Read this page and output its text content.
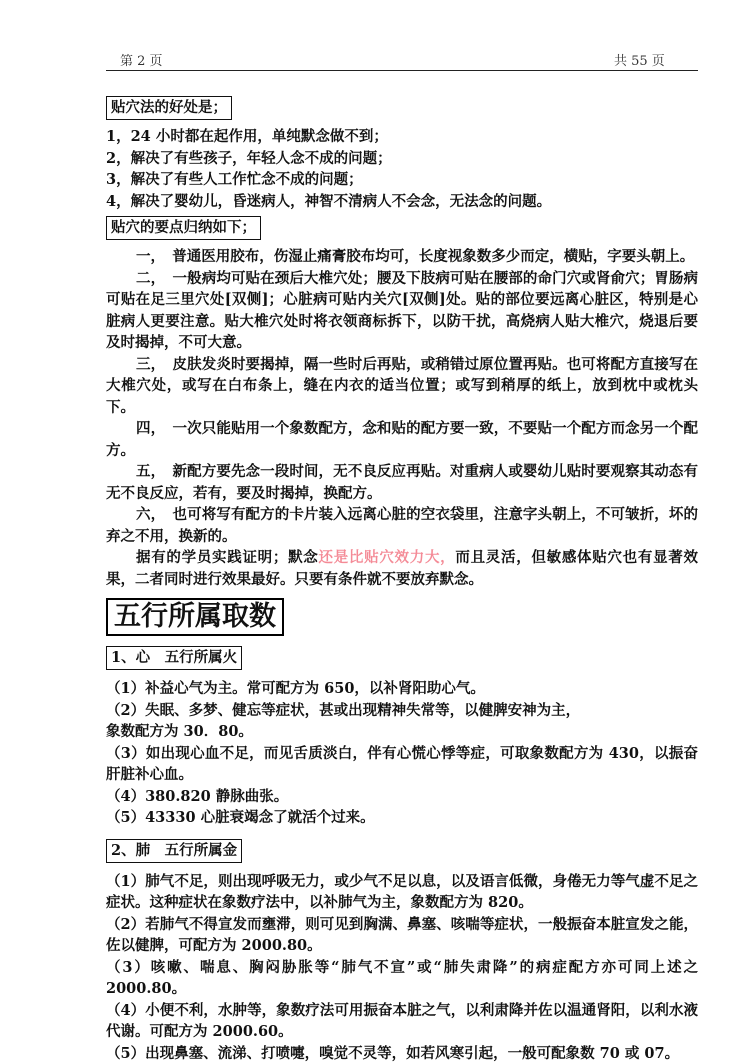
第 2 页	共 55 页
贴穴法的好处是；

1，24 小时都在起作用，单纯默念做不到；

2，解决了有些孩子，年轻人念不成的问题；

3，解决了有些人工作忙念不成的问题；

4，解决了婴幼儿，昏迷病人，神智不清病人不会念，无法念的问题。

贴穴的要点归纳如下；

一，　普通医用胶布，伤湿止痛膏胶布均可，长度视象数多少而定，横贴，字要头朝上。

二，　一般病均可贴在颈后大椎穴处；腰及下肢病可贴在腰部的命门穴或肾俞穴；胃肠病可贴在足三里穴处[双侧]；心脏病可贴内关穴[双侧]处。贴的部位要远离心脏区，特别是心脏病人更要注意。贴大椎穴处时将衣领商标拆下，以防干扰，高烧病人贴大椎穴，烧退后要及时揭掉，不可大意。

三，　皮肤发炎时要揭掉，隔一些时后再贴，或稍错过原位置再贴。也可将配方直接写在大椎穴处，或写在白布条上，缝在内衣的适当位置；或写到稍厚的纸上，放到枕中或枕头下。

四，　一次只能贴用一个象数配方，念和贴的配方要一致，不要贴一个配方而念另一个配方。

五，　新配方要先念一段时间，无不良反应再贴。对重病人或婴幼儿贴时要观察其动态有无不良反应，若有，要及时揭掉，换配方。

六，　也可将写有配方的卡片装入远离心脏的空衣袋里，注意字头朝上，不可皱折，坏的弃之不用，换新的。

据有的学员实践证明；默念还是比贴穴效力大，而且灵活，但敏感体贴穴也有显著效果，二者同时进行效果最好。只要有条件就不要放弃默念。

五行所属取数
1、心　五行所属火

（1）补益心气为主。常可配方为 650，以补肾阳助心气。

（2）失眠、多梦、健忘等症状，甚或出现精神失常等，以健脾安神为主，

象数配方为 30．80。

（3）如出现心血不足，而见舌质淡白，伴有心慌心悸等症，可取象数配方为 430，以振奋肝脏补心血。

（4）380.820 静脉曲张。

（5）43330 心脏衰竭念了就活个过来。

2、肺　五行所属金

（1）肺气不足，则出现呼吸无力，或少气不足以息，以及语言低微，身倦无力等气虚不足之症状。这种症状在象数疗法中，以补肺气为主，象数配方为 820。

（2）若肺气不得宣发而壅滞，则可见到胸满、鼻塞、咳喘等症状，一般振奋本脏宣发之能，佐以健脾，可配方为 2000.80。

（3）咳嗽、喘息、胸闷胁胀等“肺气不宣”或“肺失肃降”的病症配方亦可同上述之 2000.80。

（4）小便不利，水肿等，象数疗法可用振奋本脏之气，以利肃降并佐以温通肾阳，以利水液代谢。可配方为 2000.60。

（5）出现鼻塞、流涕、打喷嚏，嗅觉不灵等，如若风寒引起，一般可配象数 70 或 07。
